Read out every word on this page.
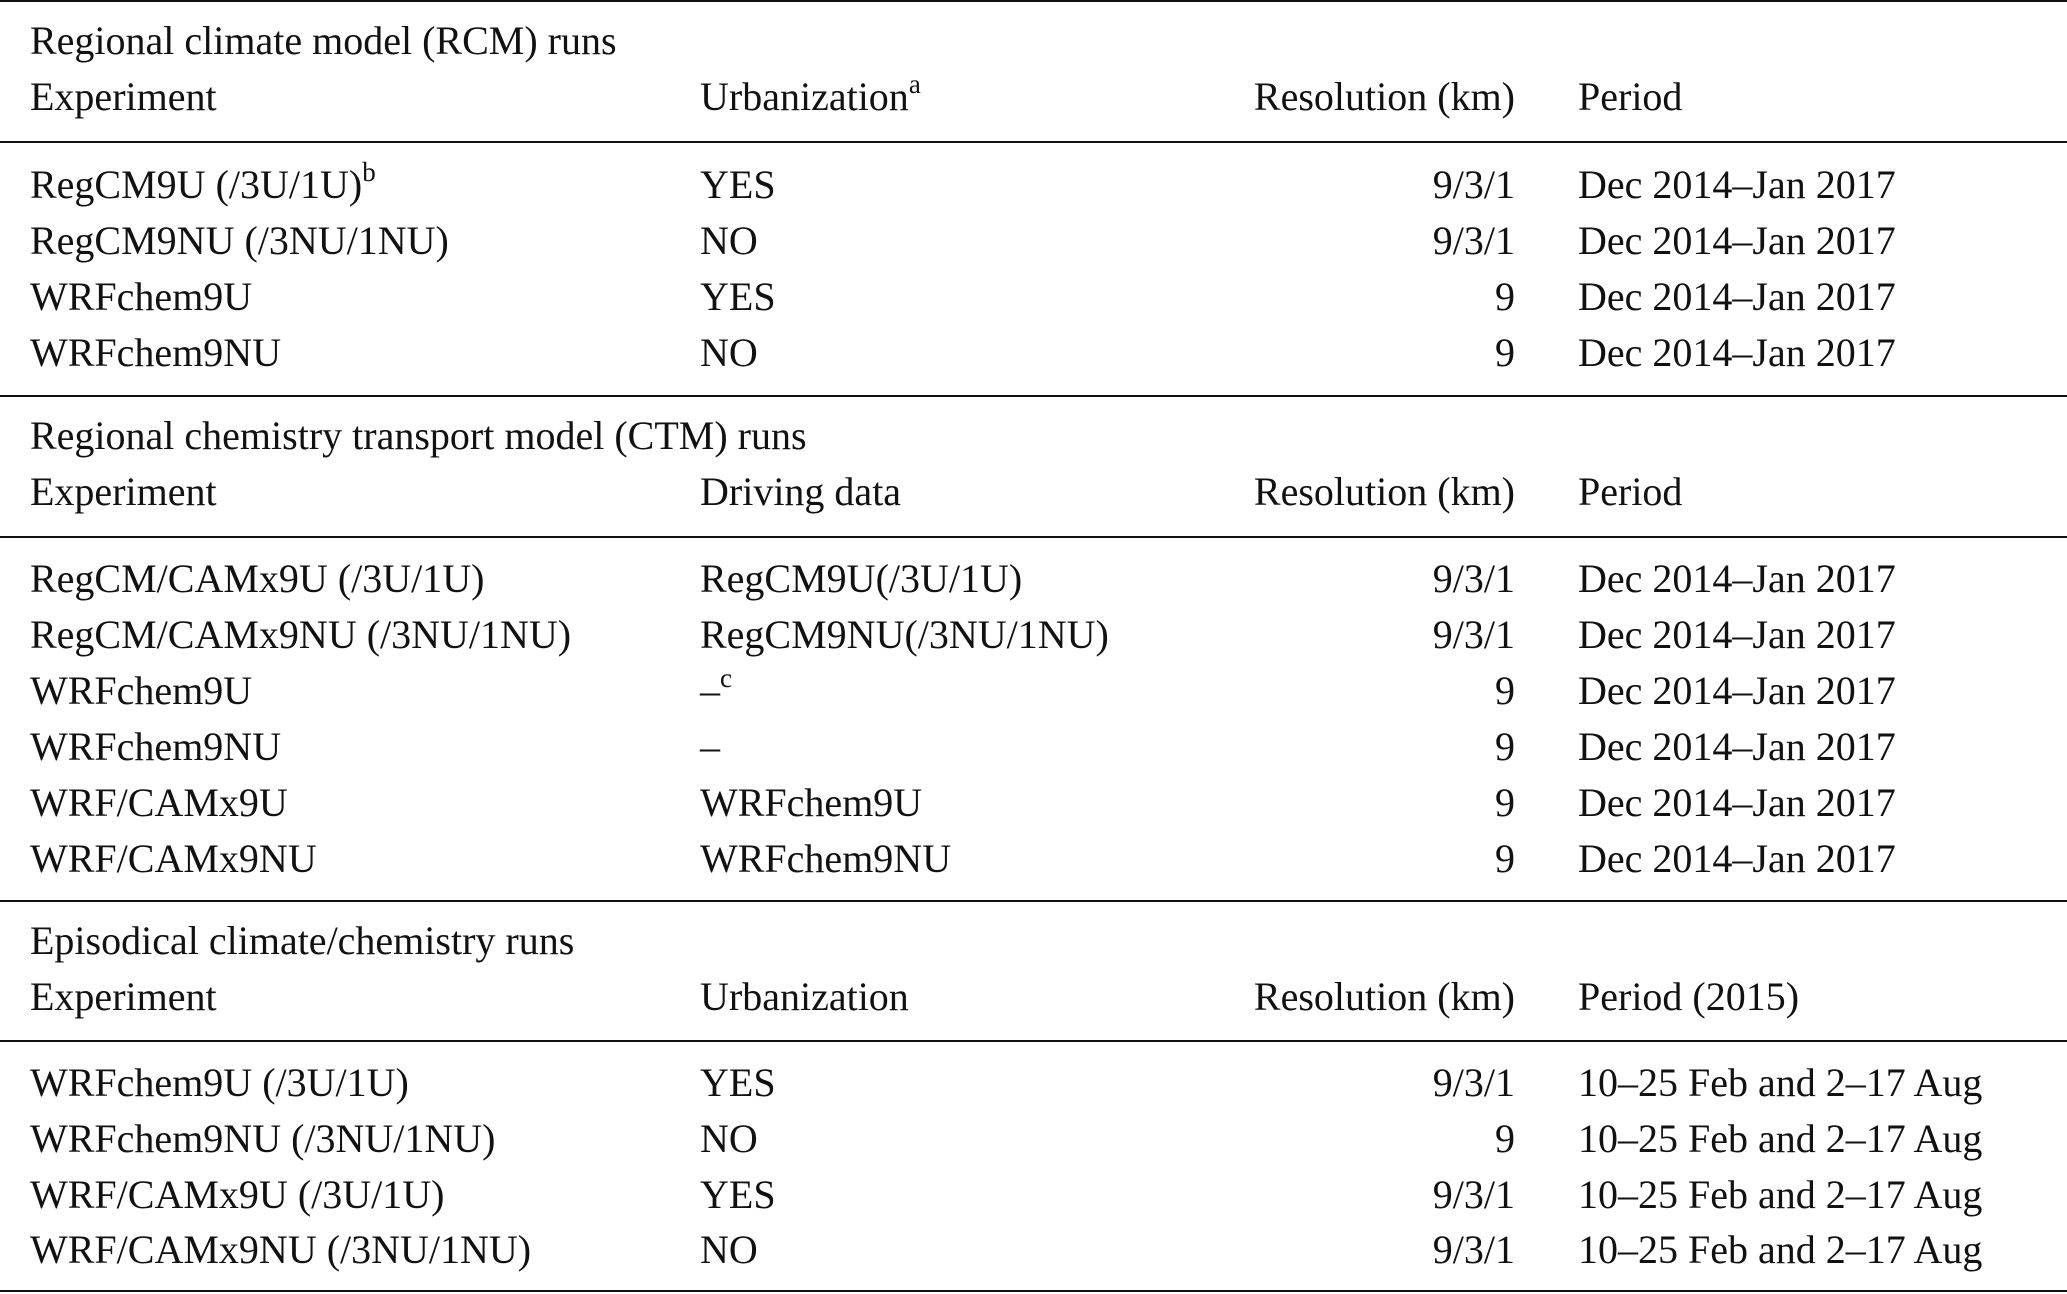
Regional climate model (RCM) runs
Experiment	Urbanization$^a$	Resolution (km) Period
RegCM9U $(/3U/1U)^b$	YES	9/3/1 Dec 2014–Jan 2017
RegCM9NU (/3NU/1NU)	NO	9/3/1 Dec 2014–Jan 2017
WRFchem9U	YES	9 Dec 2014–Jan 2017
WRFchem9NU	NO	9 Dec 2014–Jan 2017
Regional chemistry transport model (CTM) runs
Experiment	Driving data	Resolution (km) Period
RegCM/CAMx9U (/3U/1U)	RegCM9U(/3U/1U)	9/3/1 Dec 2014–Jan 2017
RegCM/CAMx9NU (/3NU/1NU)	RegCM9NU(/3NU/1NU)	9/3/1 Dec 2014–Jan 2017
WRFchem9U	–$^c$	9 Dec 2014–Jan 2017
WRFchem9NU	–	9 Dec 2014–Jan 2017
WRF/CAMx9U	WRFchem9U	9 Dec 2014–Jan 2017
WRF/CAMx9NU	WRFchem9NU	9 Dec 2014–Jan 2017
Episodical climate/chemistry runs
Experiment	Urbanization	Resolution (km) Period (2015)
WRFchem9U (/3U/1U)	YES	9/3/1 10–25 Feb and 2–17 Aug
WRFchem9NU (/3NU/1NU)	NO	9 10–25 Feb and 2–17 Aug
WRF/CAMx9U (/3U/1U)	YES	9/3/1 10–25 Feb and 2–17 Aug
WRF/CAMx9NU (/3NU/1NU)	NO	9/3/1 10–25 Feb and 2–17 Aug
